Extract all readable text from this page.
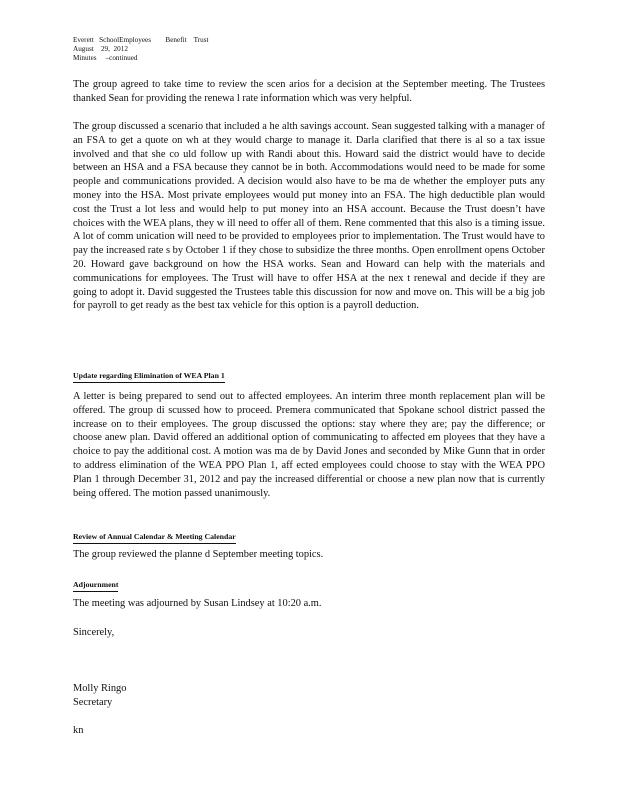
Everett   SchoolEmployees        Benefit    Trust
August    29,  2012
Minutes     –continued

The group agreed to take time to review the scen arios for a decision at the September meeting. The Trustees thanked Sean for providing the renewa l rate information which was very helpful.

The group discussed a scenario that included a he alth savings account. Sean suggested talking with a manager of an FSA to get a quote on wh at they would charge to manage it. Darla clarified that there is al so a tax issue involved and that she co uld follow up with Randi about this. Howard said the district would have to decide between an HSA and a FSA because they cannot be in both. Accommodations would need to be made for some people and communications provided. A decision would also have to be ma de whether the employer puts any money into the HSA. Most private employees would put money into an FSA. The high deductible plan would cost the Trust a lot less and would help to put money into an HSA account. Because the Trust doesn’t have choices with the WEA plans, they w ill need to offer all of them. Rene commented that this also is a timing issue. A lot of comm unication will need to be provided to employees prior to implementation. The Trust would have to pay the increased rate s by October 1 if they chose to subsidize the three months. Open enrollment opens October 20. Howard gave background on how the HSA works. Sean and Howard can help with the materials and communications for employees. The Trust will have to offer HSA at the nex t renewal and decide if they are going to adopt it. David suggested the Trustees table this discussion for now and move on. This will be a big job for payroll to get ready as the best tax vehicle for this option is a payroll deduction.

Update regarding Elimination of WEA Plan 1

A letter is being prepared to send out to affected employees. An interim three month replacement plan will be offered. The group di scussed how to proceed. Premera communicated that Spokane school district passed the increase on to their employees. The group discussed the options: stay where they are; pay the difference; or choose anew plan. David offered an additional option of communicating to affected em ployees that they have a choice to pay the additional cost. A motion was ma de by David Jones and seconded by Mike Gunn that in order to address elimination of the WEA PPO Plan 1, aff ected employees could choose to stay with the WEA PPO Plan 1 through December 31, 2012 and pay the increased differential or choose a new plan now that is currently being offered. The motion passed unanimously.

Review of Annual Calendar & Meeting Calendar

The group reviewed the planne d September meeting topics.

Adjournment

The meeting was adjourned by Susan Lindsey at 10:20 a.m.

Sincerely,
Molly Ringo
Secretary
kn
